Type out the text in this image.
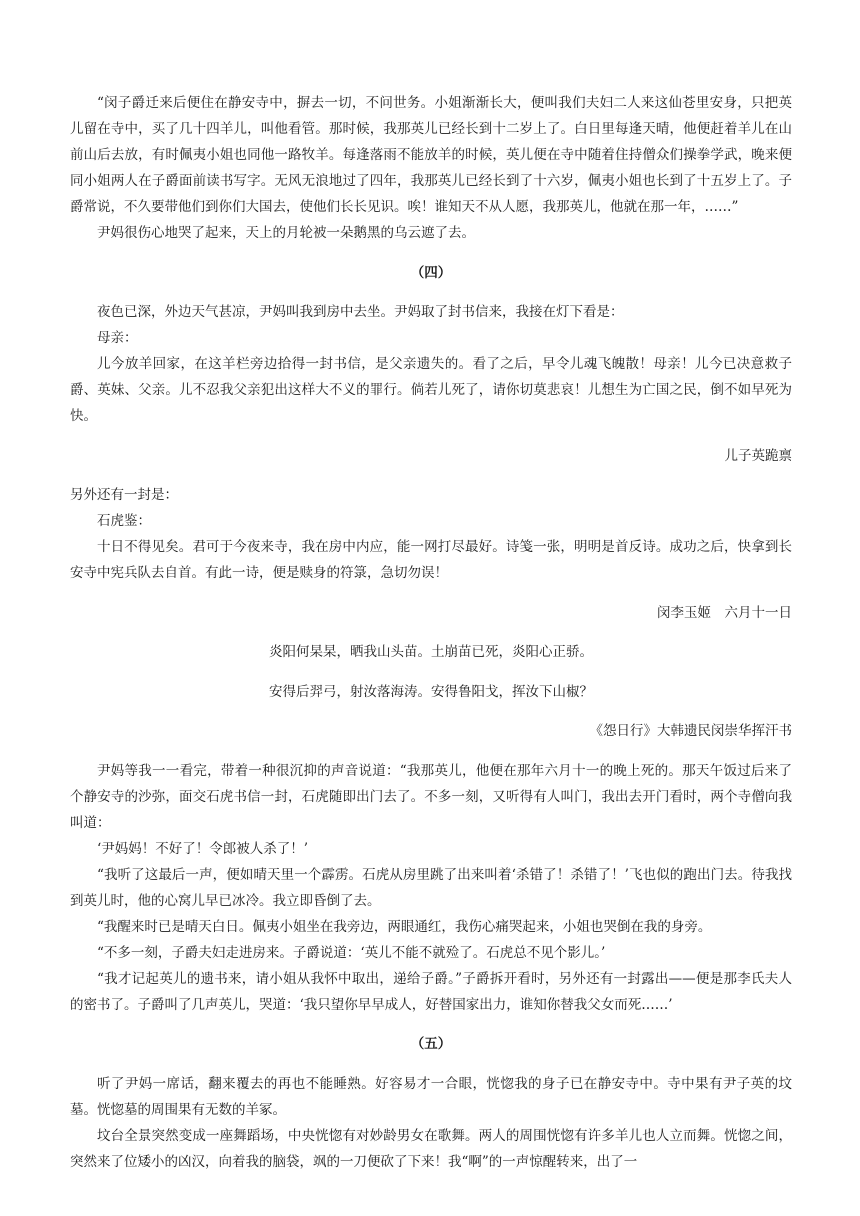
“闵子爵迁来后便住在静安寺中，摒去一切，不问世务。小姐渐渐长大，便叫我们夫妇二人来这仙苍里安身，只把英儿留在寺中，买了几十四羊儿，叫他看管。那时候，我那英儿已经长到十二岁上了。白日里每逢天晴，他便赶着羊儿在山前山后去放，有时佩夷小姐也同他一路牧羊。每逢落雨不能放羊的时候，英儿便在寺中随着住持僧众们操拳学武，晚来便同小姐两人在子爵面前读书写字。无风无浪地过了四年，我那英儿已经长到了十六岁，佩夷小姐也长到了十五岁上了。子爵常说，不久要带他们到你们大国去，使他们长长见识。唉！谁知天不从人愿，我那英儿，他就在那一年，……”

尹妈很伤心地哭了起来，天上的月轮被一朵鹅黑的乌云遮了去。

（四）

夜色已深，外边天气甚凉，尹妈叫我到房中去坐。尹妈取了封书信来，我接在灯下看是：

母亲：

儿今放羊回家，在这羊栏旁边拾得一封书信，是父亲遗失的。看了之后，早令儿魂飞魄散！母亲！儿今已决意救子爵、英妹、父亲。儿不忍我父亲犯出这样大不义的罪行。倘若儿死了，请你切莫悲哀！儿想生为亡国之民，倒不如早死为快。

儿子英跪禀

另外还有一封是：

石虎鉴：

十日不得见矣。君可于今夜来寺，我在房中内应，能一网打尽最好。诗笺一张，明明是首反诗。成功之后，快拿到长安寺中宪兵队去自首。有此一诗，便是赎身的符箓，急切勿误！

闵李玉姬　六月十一日

炎阳何杲杲，晒我山头苗。土崩苗已死，炎阳心正骄。

安得后羿弓，射汝落海涛。安得鲁阳戈，挥汝下山椒？

《怨日行》大韩遗民闵崇华挥汗书

尹妈等我一一看完，带着一种很沉抑的声音说道：“我那英儿，他便在那年六月十一的晚上死的。那天午饭过后来了个静安寺的沙弥，面交石虎书信一封，石虎随即出门去了。不多一刻，又听得有人叫门，我出去开门看时，两个寺僧向我叫道：

‘尹妈妈！不好了！令郎被人杀了！’

“我听了这最后一声，便如晴天里一个霹雳。石虎从房里跳了出来叫着‘杀错了！杀错了！’飞也似的跑出门去。待我找到英儿时，他的心窝儿早已冰冷。我立即昏倒了去。

“我醒来时已是晴天白日。佩夷小姐坐在我旁边，两眼通红，我伤心痛哭起来，小姐也哭倒在我的身旁。

“不多一刻，子爵夫妇走进房来。子爵说道：‘英儿不能不就殓了。石虎总不见个影儿。’

“我才记起英儿的遗书来，请小姐从我怀中取出，递给子爵。”子爵拆开看时，另外还有一封露出——便是那李氏夫人的密书了。子爵叫了几声英儿，哭道：‘我只望你早早成人，好替国家出力，谁知你替我父女而死……’

（五）

听了尹妈一席话，翻来覆去的再也不能睡熟。好容易才一合眼，恍惚我的身子已在静安寺中。寺中果有尹子英的坟墓。恍惚墓的周围果有无数的羊冢。

坟台全景突然变成一座舞蹈场，中央恍惚有对妙龄男女在歌舞。两人的周围恍惚有许多羊儿也人立而舞。恍惚之间，突然来了位矮小的凶汉，向着我的脑袋，飒的一刀便砍了下来！我“啊”的一声惊醒转来，出了一
